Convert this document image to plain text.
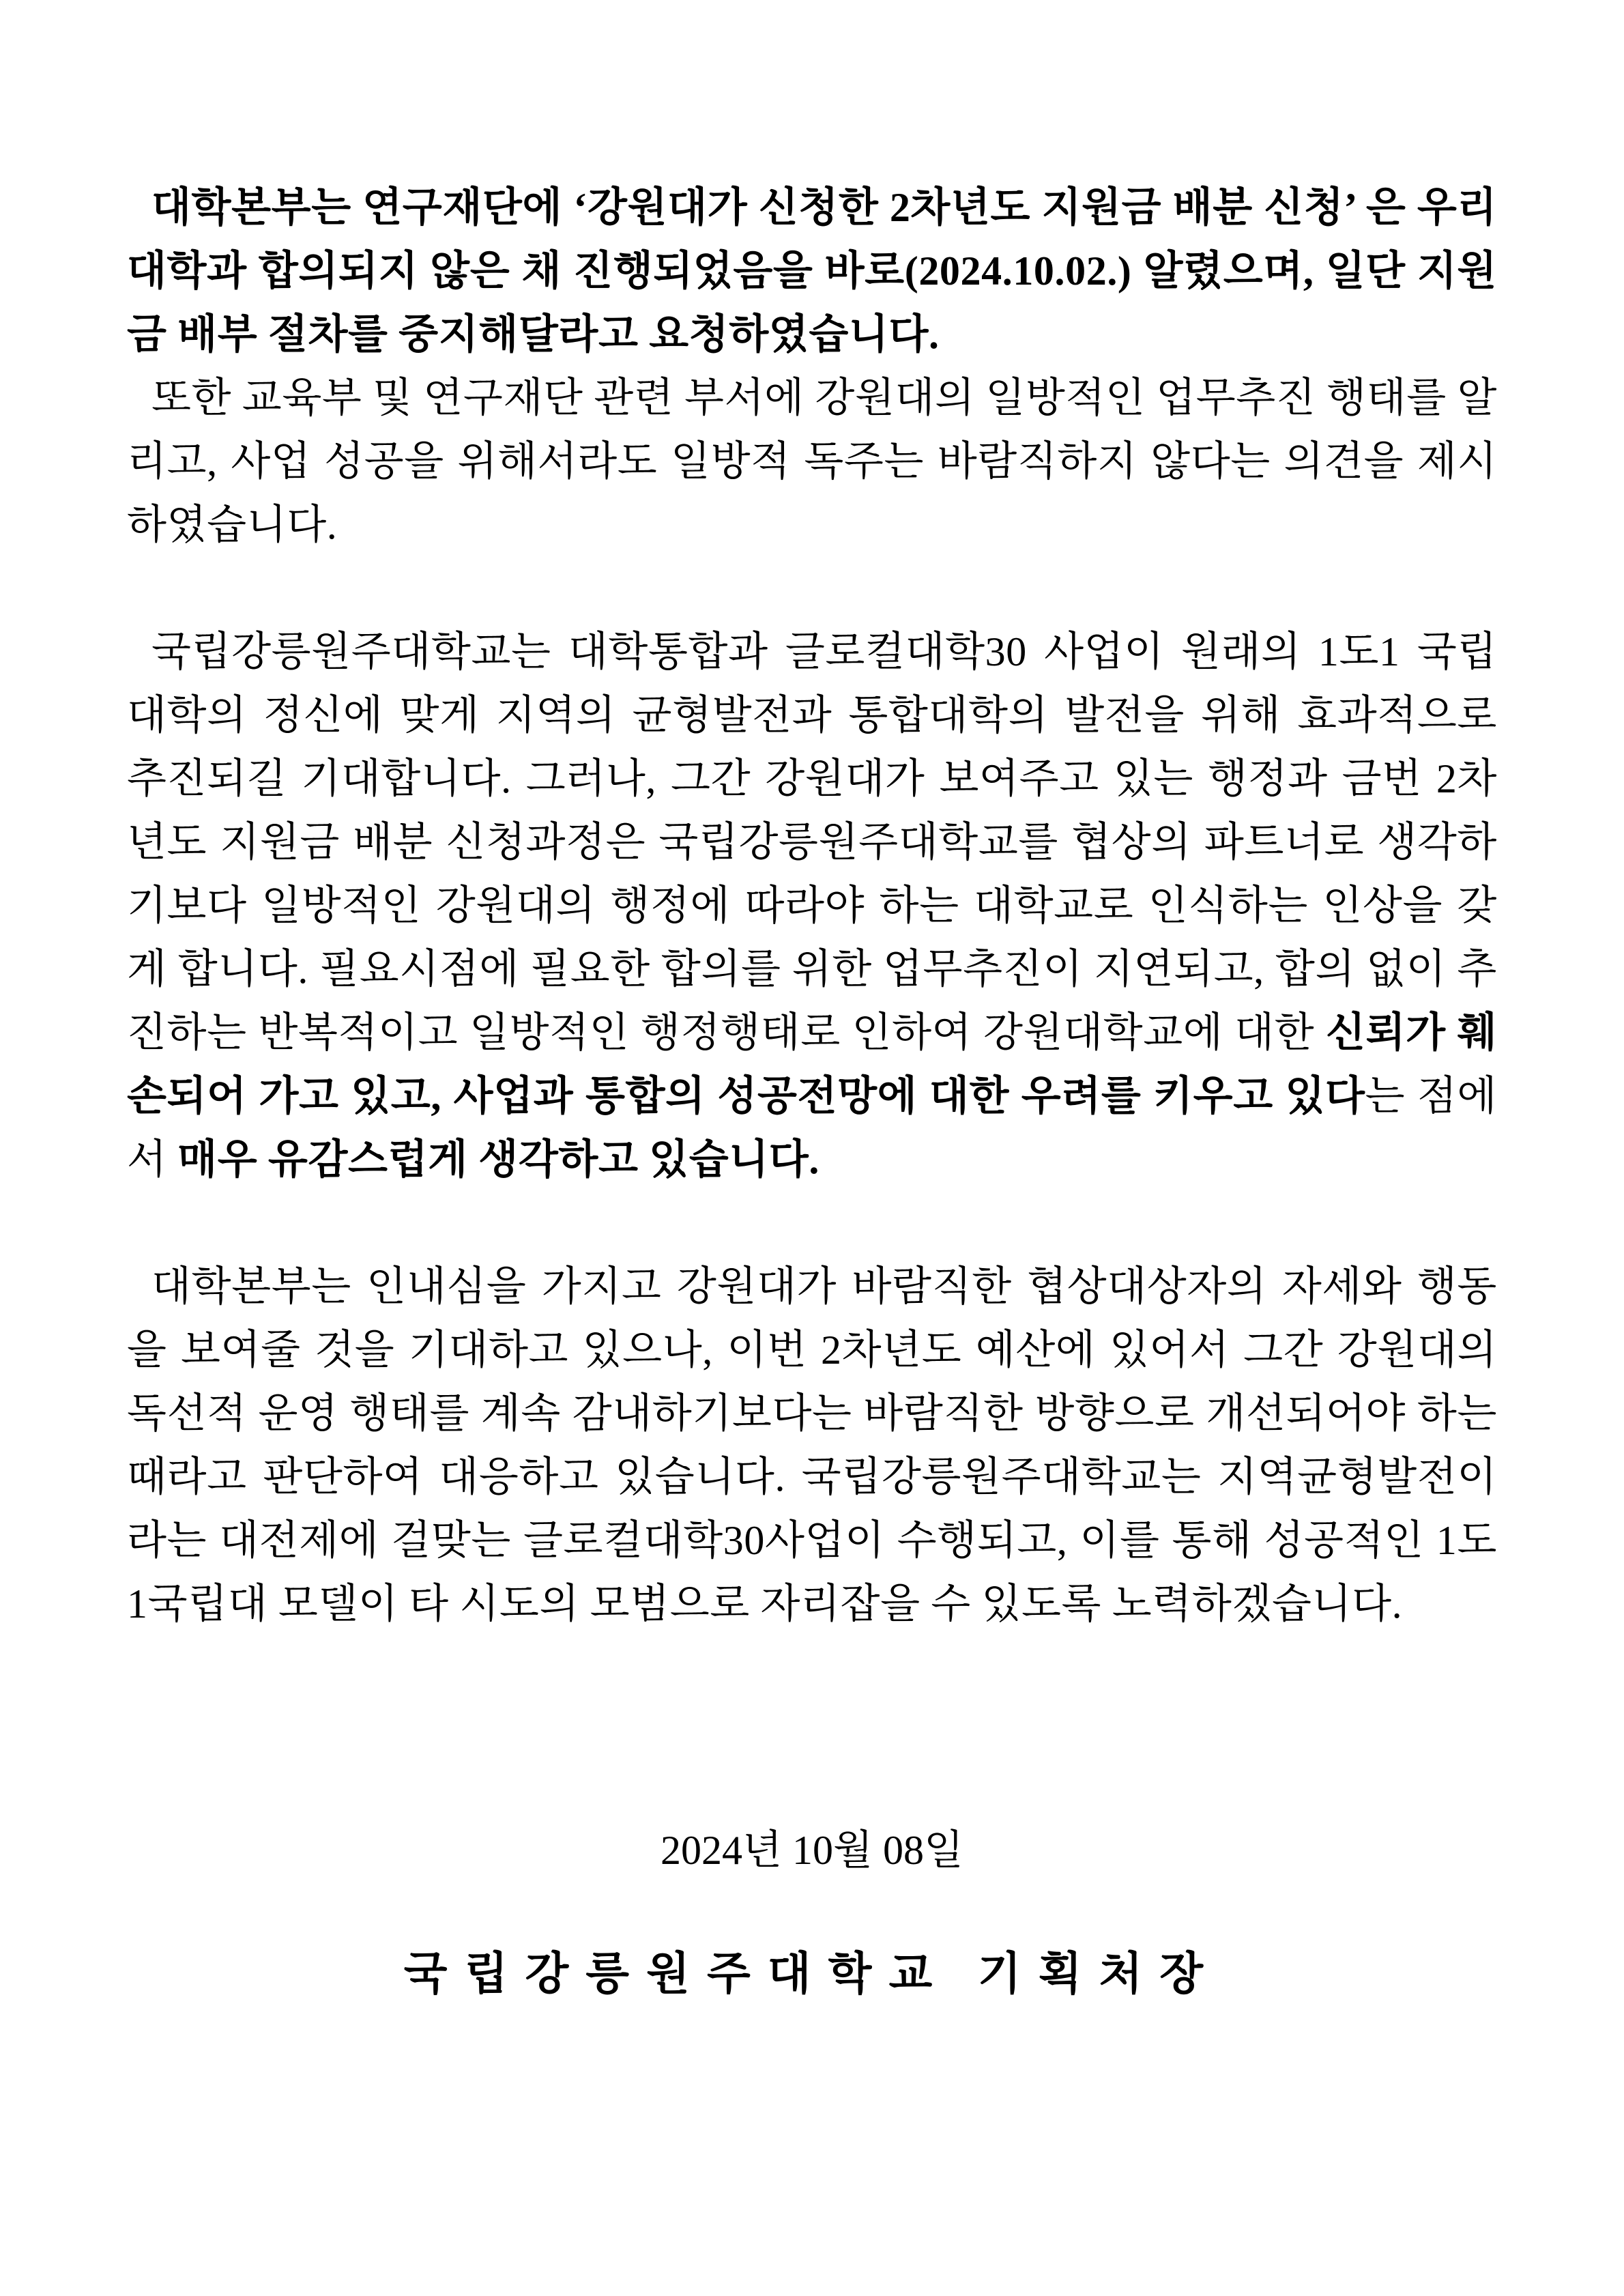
대학본부는 연구재단에 ‘강원대가 신청한 2차년도 지원금 배분 신청’ 은 우리 대학과 합의되지 않은 채 진행되었음을 바로(2024.10.02.) 알렸으며, 일단 지원금 배부 절차를 중지해달라고 요청하였습니다.

또한 교육부 및 연구재단 관련 부서에 강원대의 일방적인 업무추진 행태를 알리고, 사업 성공을 위해서라도 일방적 독주는 바람직하지 않다는 의견을 제시하였습니다.

국립강릉원주대학교는 대학통합과 글로컬대학30 사업이 원래의 1도1 국립대학의 정신에 맞게 지역의 균형발전과 통합대학의 발전을 위해 효과적으로 추진되길 기대합니다. 그러나, 그간 강원대가 보여주고 있는 행정과 금번 2차년도 지원금 배분 신청과정은 국립강릉원주대학교를 협상의 파트너로 생각하기보다 일방적인 강원대의 행정에 따라야 하는 대학교로 인식하는 인상을 갖게 합니다. 필요시점에 필요한 합의를 위한 업무추진이 지연되고, 합의 없이 추진하는 반복적이고 일방적인 행정행태로 인하여 강원대학교에 대한 신뢰가 훼손되어 가고 있고, 사업과 통합의 성공전망에 대한 우려를 키우고 있다는 점에서 매우 유감스럽게 생각하고 있습니다.

대학본부는 인내심을 가지고 강원대가 바람직한 협상대상자의 자세와 행동을 보여줄 것을 기대하고 있으나, 이번 2차년도 예산에 있어서 그간 강원대의 독선적 운영 행태를 계속 감내하기보다는 바람직한 방향으로 개선되어야 하는 때라고 판단하여 대응하고 있습니다. 국립강릉원주대학교는 지역균형발전이라는 대전제에 걸맞는 글로컬대학30사업이 수행되고, 이를 통해 성공적인 1도1국립대 모델이 타 시도의 모범으로 자리잡을 수 있도록 노력하겠습니다.

2024년 10월 08일

국립강릉원주대학교 기획처장
